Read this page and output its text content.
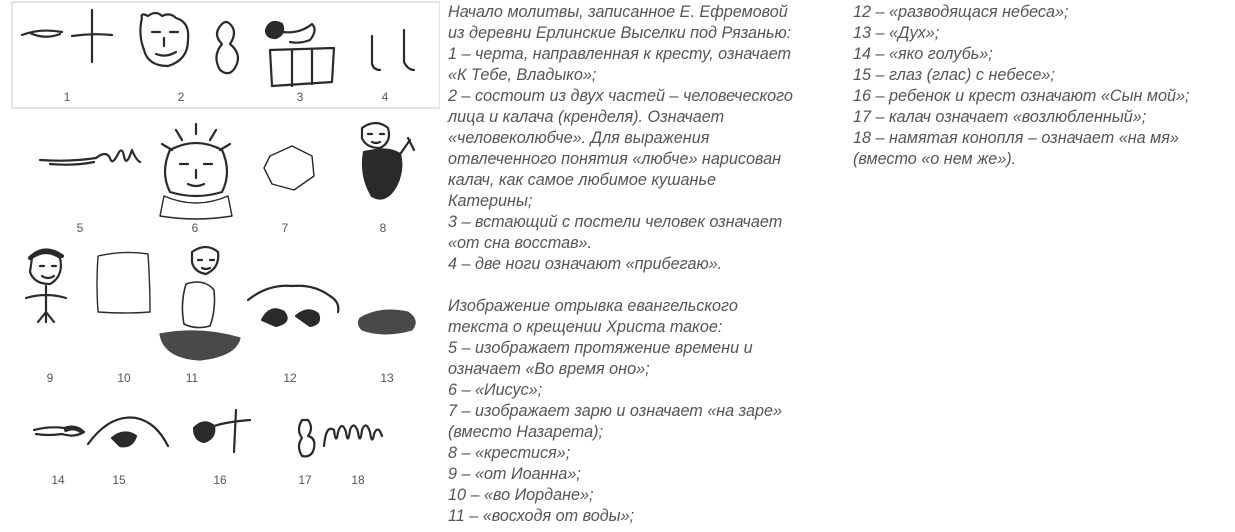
1	2	3	4
5	6	7	8
9	10	11	12	13
14	15	16	17	18
Начало молитвы, записанное Е. Ефремовой
из деревни Ерлинские Выселки под Рязанью:
1 – черта, направленная к кресту, означает
«К Тебе, Владыко»;
2 – состоит из двух частей – человеческого
лица и калача (кренделя). Означает
«человеколюбче». Для выражения
отвлеченного понятия «любче» нарисован
калач, как самое любимое кушанье
Катерины;
3 – встающий с постели человек означает
«от сна восстав».
4 – две ноги означают «прибегаю».
Изображение отрывка евангельского
текста о крещении Христа такое:
5 – изображает протяжение времени и
означает «Во время оно»;
6 – «Иисус»;
7 – изображает зарю и означает «на заре»
(вместо Назарета);
8 – «крестися»;
9 – «от Иоанна»;
10 – «во Иордане»;
11 – «восходя от воды»;
12 – «разводящася небеса»;
13 – «Дух»;
14 – «яко голубь»;
15 – глаз (глас) с небесе»;
16 – ребенок и крест означают «Сын мой»;
17 – калач означает «возлюбленный»;
18 – намятая конопля – означает «на мя»
(вместо «о нем же»).
